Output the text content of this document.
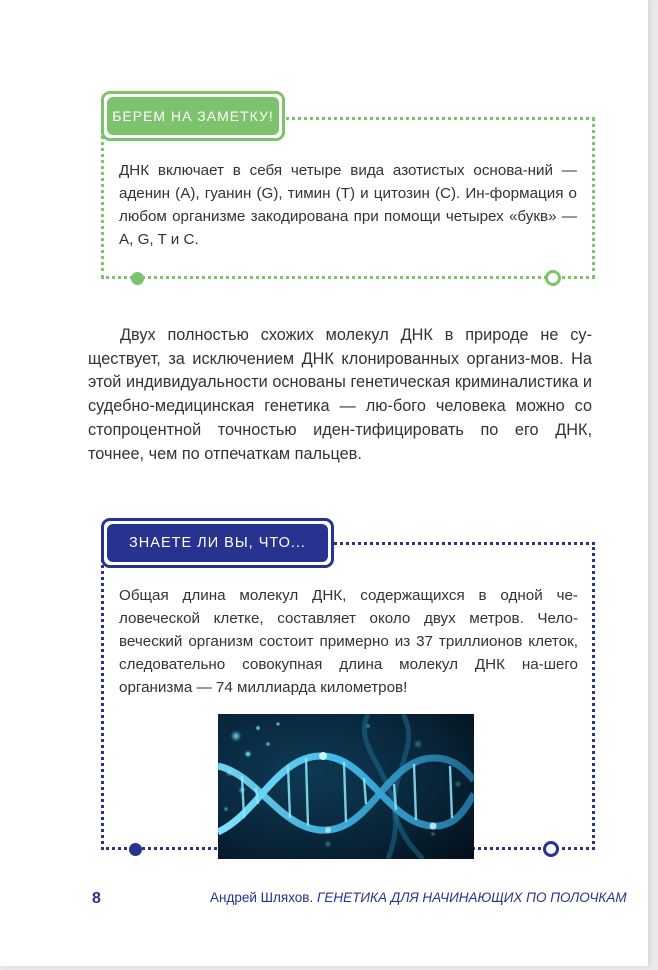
БЕРЕМ НА ЗАМЕТКУ!

ДНК включает в себя четыре вида азотистых основа-ний — аденин (A), гуанин (G), тимин (T) и цитозин (C). Ин-формация о любом организме закодирована при помощи четырех «букв» — A, G, T и C.

Двух полностью схожих молекул ДНК в природе не су-ществует, за исключением ДНК клонированных организ-мов. На этой индивидуальности основаны генетическая криминалистика и судебно-медицинская генетика — лю-бого человека можно со стопроцентной точностью иден-тифицировать по его ДНК, точнее, чем по отпечаткам пальцев.

ЗНАЕТЕ ЛИ ВЫ, ЧТО...

Общая длина молекул ДНК, содержащихся в одной че-ловеческой клетке, составляет около двух метров. Чело-веческий организм состоит примерно из 37 триллионов клеток, следовательно совокупная длина молекул ДНК на-шего организма — 74 миллиарда километров!

8	Андрей Шляхов. ГЕНЕТИКА ДЛЯ НАЧИНАЮЩИХ ПО ПОЛОЧКАМ
